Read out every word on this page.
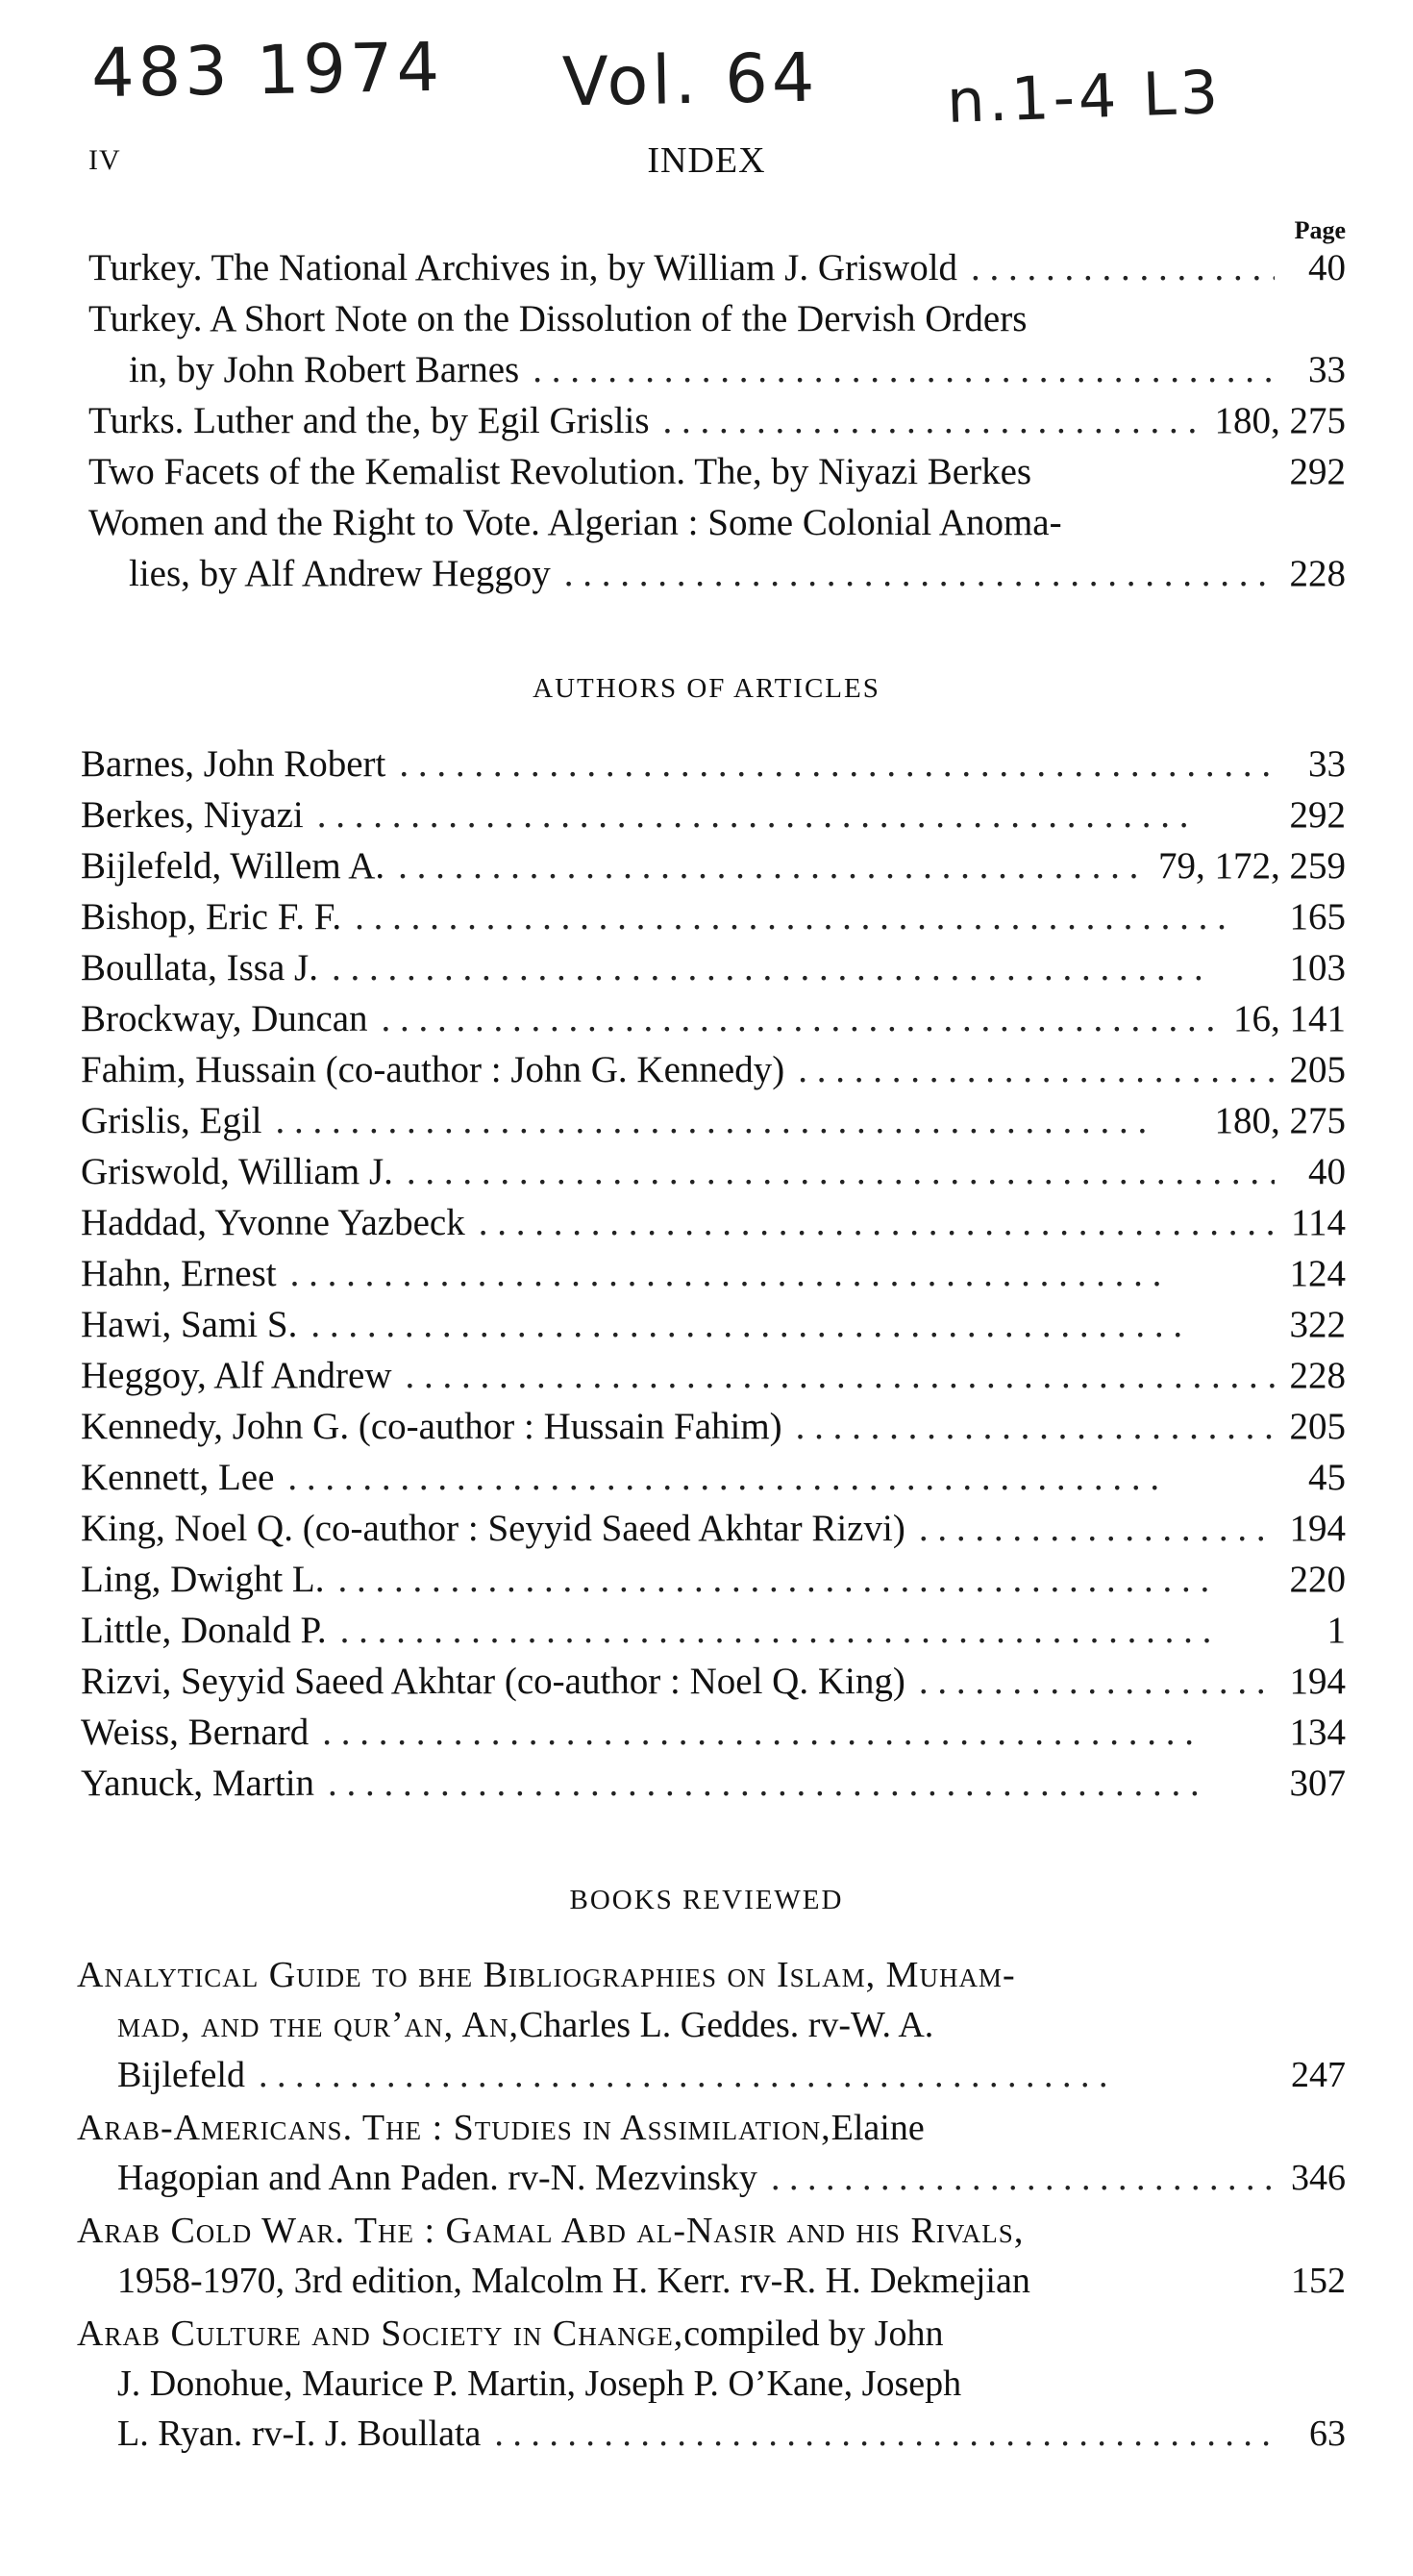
483 1974 Vol. 64 n.1-4 L3
IV	INDEX
Page
Turkey. The National Archives in, by William J. Griswold . .	40
Turkey. A Short Note on the Dissolution of the Dervish Orders
in, by John Robert Barnes . .	33
Turks. Luther and the, by Egil Grislis . .	180, 275
Two Facets of the Kemalist Revolution. The, by Niyazi Berkes	292
Women and the Right to Vote. Algerian : Some Colonial Anoma-
lies, by Alf Andrew Heggoy . .	228
AUTHORS OF ARTICLES
Barnes, John Robert . .	33
Berkes, Niyazi . .	292
Bijlefeld, Willem A. . .	79, 172, 259
Bishop, Eric F. F. . .	165
Boullata, Issa J. . .	103
Brockway, Duncan . .	16, 141
Fahim, Hussain (co-author : John G. Kennedy) . .	205
Grislis, Egil . .	180, 275
Griswold, William J. . .	40
Haddad, Yvonne Yazbeck . .	114
Hahn, Ernest . .	124
Hawi, Sami S. . .	322
Heggoy, Alf Andrew . .	228
Kennedy, John G. (co-author : Hussain Fahim) . .	205
Kennett, Lee . .	45
King, Noel Q. (co-author : Seyyid Saeed Akhtar Rizvi) . .	194
Ling, Dwight L. . .	220
Little, Donald P. . .	1
Rizvi, Seyyid Saeed Akhtar (co-author : Noel Q. King) . .	194
Weiss, Bernard . .	134
Yanuck, Martin . .	307
BOOKS REVIEWED
Analytical Guide to bhe Bibliographies on Islam, Muham-
mad, and the qur’an, An, Charles L. Geddes. rv-W. A.
Bijlefeld . .	247
Arab-Americans. The : Studies in Assimilation, Elaine
Hagopian and Ann Paden. rv-N. Mezvinsky . .	346
Arab Cold War. The : Gamal Abd al-Nasir and his Rivals,
1958-1970, 3rd edition, Malcolm H. Kerr. rv-R. H. Dekmejian	152
Arab Culture and Society in Change, compiled by John
J. Donohue, Maurice P. Martin, Joseph P. O’Kane, Joseph
L. Ryan. rv-I. J. Boullata . .	63
